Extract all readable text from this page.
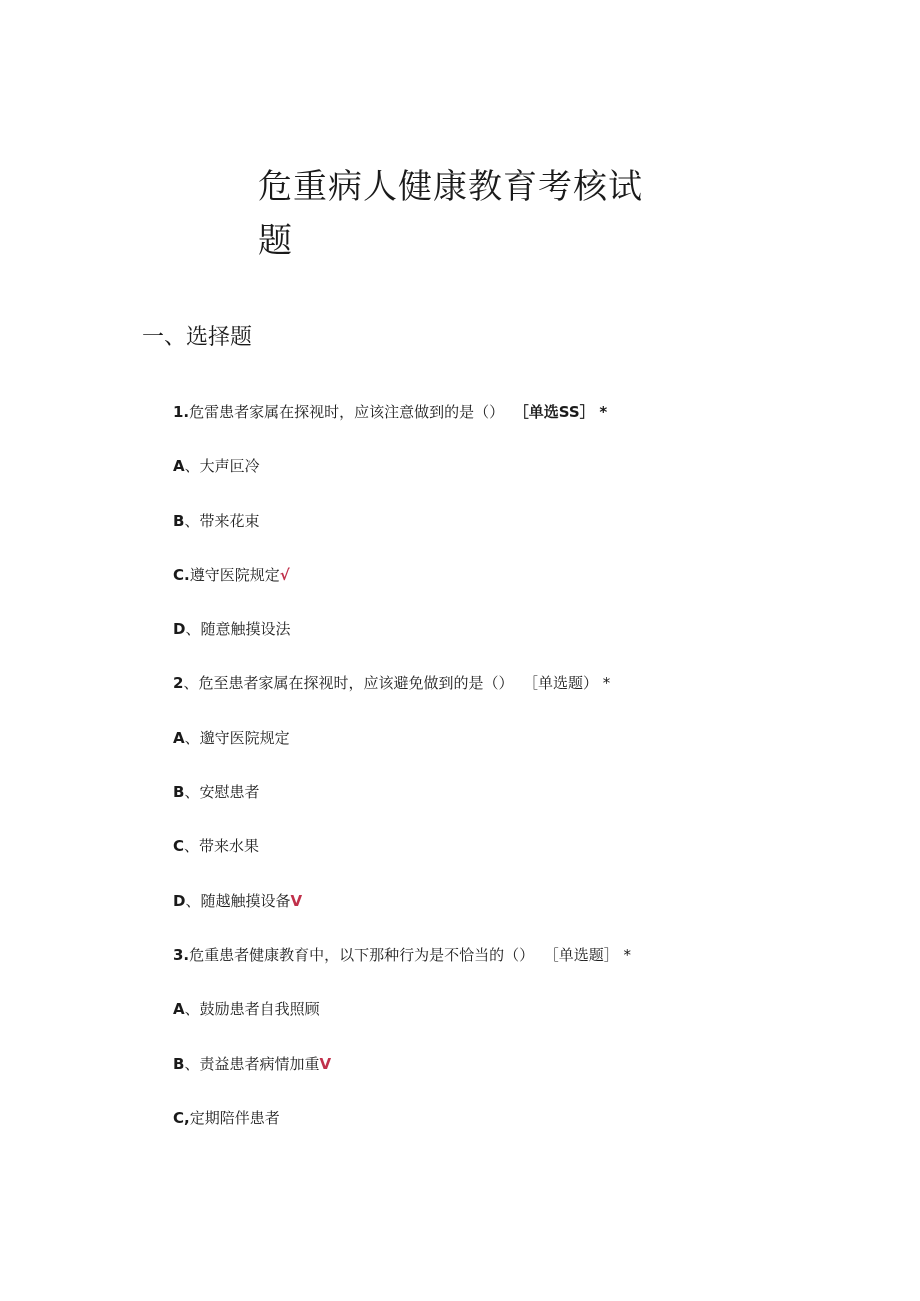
危重病人健康教育考核试
题
一、选择题
1.危雷患者家属在探视时，应该注意做到的是（） ［单选SS］ *
A、大声叵冷
B、带来花束
C.遵守医院规定√
D、随意触摸设法
2、危至患者家属在探视时，应该避免做到的是（） ［单选题） *
A、邈守医院规定
B、安慰患者
C、带来水果
D、随越触摸设备V
3.危重患者健康教育中，以下那种行为是不恰当的（） ［单选题］ *
A、鼓励患者自我照顾
B、责益患者病情加重V
C,定期陪伴患者
